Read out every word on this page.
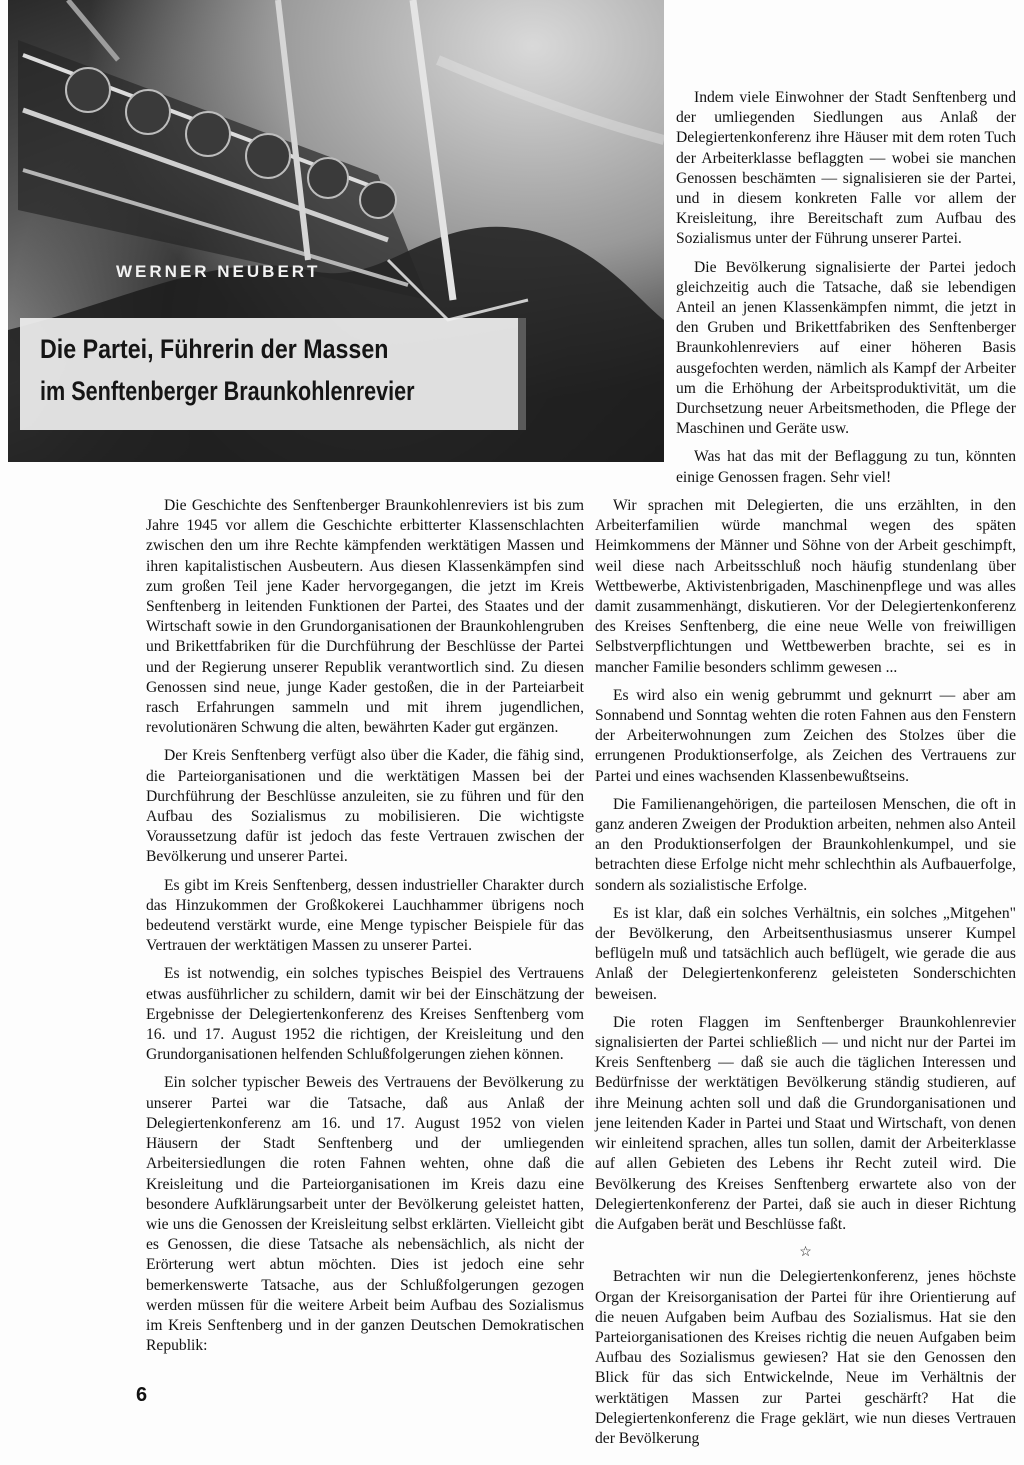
WERNER NEUBERT
Die Partei, Führerin der Massen
im Senftenberger Braunkohlenrevier

Indem viele Einwohner der Stadt Senftenberg und der umliegenden Siedlungen aus Anlaß der Delegiertenkonferenz ihre Häuser mit dem roten Tuch der Arbeiterklasse beflaggten — wobei sie manchen Genossen beschämten — signalisieren sie der Partei, und in diesem konkreten Falle vor allem der Kreisleitung, ihre Bereitschaft zum Aufbau des Sozialismus unter der Führung unserer Partei.

Die Bevölkerung signalisierte der Partei jedoch gleichzeitig auch die Tatsache, daß sie lebendigen Anteil an jenen Klassenkämpfen nimmt, die jetzt in den Gruben und Brikettfabriken des Senftenberger Braunkohlenreviers auf einer höheren Basis ausgefochten werden, nämlich als Kampf der Arbeiter um die Erhöhung der Arbeitsproduktivität, um die Durchsetzung neuer Arbeitsmethoden, die Pflege der Maschinen und Geräte usw.

Was hat das mit der Beflaggung zu tun, könnten einige Genossen fragen. Sehr viel!

Die Geschichte des Senftenberger Braunkohlenreviers ist bis zum Jahre 1945 vor allem die Geschichte erbitterter Klassenschlachten zwischen den um ihre Rechte kämpfenden werktätigen Massen und ihren kapitalistischen Ausbeutern. Aus diesen Klassenkämpfen sind zum großen Teil jene Kader hervorgegangen, die jetzt im Kreis Senftenberg in leitenden Funktionen der Partei, des Staates und der Wirtschaft sowie in den Grundorganisationen der Braunkohlengruben und Brikettfabriken für die Durchführung der Beschlüsse der Partei und der Regierung unserer Republik verantwortlich sind. Zu diesen Genossen sind neue, junge Kader gestoßen, die in der Parteiarbeit rasch Erfahrungen sammeln und mit ihrem jugendlichen, revolutionären Schwung die alten, bewährten Kader gut ergänzen.

Der Kreis Senftenberg verfügt also über die Kader, die fähig sind, die Parteiorganisationen und die werktätigen Massen bei der Durchführung der Beschlüsse anzuleiten, sie zu führen und für den Aufbau des Sozialismus zu mobilisieren. Die wichtigste Voraussetzung dafür ist jedoch das feste Vertrauen zwischen der Bevölkerung und unserer Partei.

Es gibt im Kreis Senftenberg, dessen industrieller Charakter durch das Hinzukommen der Großkokerei Lauchhammer übrigens noch bedeutend verstärkt wurde, eine Menge typischer Beispiele für das Vertrauen der werktätigen Massen zu unserer Partei.

Es ist notwendig, ein solches typisches Beispiel des Vertrauens etwas ausführlicher zu schildern, damit wir bei der Einschätzung der Ergebnisse der Delegiertenkonferenz des Kreises Senftenberg vom 16. und 17. August 1952 die richtigen, der Kreisleitung und den Grundorganisationen helfenden Schlußfolgerungen ziehen können.

Ein solcher typischer Beweis des Vertrauens der Bevölkerung zu unserer Partei war die Tatsache, daß aus Anlaß der Delegiertenkonferenz am 16. und 17. August 1952 von vielen Häusern der Stadt Senftenberg und der umliegenden Arbeitersiedlungen die roten Fahnen wehten, ohne daß die Kreisleitung und die Parteiorganisationen im Kreis dazu eine besondere Aufklärungsarbeit unter der Bevölkerung geleistet hatten, wie uns die Genossen der Kreisleitung selbst erklärten. Vielleicht gibt es Genossen, die diese Tatsache als nebensächlich, als nicht der Erörterung wert abtun möchten. Dies ist jedoch eine sehr bemerkenswerte Tatsache, aus der Schlußfolgerungen gezogen werden müssen für die weitere Arbeit beim Aufbau des Sozialismus im Kreis Senftenberg und in der ganzen Deutschen Demokratischen Republik:

Wir sprachen mit Delegierten, die uns erzählten, in den Arbeiterfamilien würde manchmal wegen des späten Heimkommens der Männer und Söhne von der Arbeit geschimpft, weil diese nach Arbeitsschluß noch häufig stundenlang über Wettbewerbe, Aktivistenbrigaden, Maschinenpflege und was alles damit zusammenhängt, diskutieren. Vor der Delegiertenkonferenz des Kreises Senftenberg, die eine neue Welle von freiwilligen Selbstverpflichtungen und Wettbewerben brachte, sei es in mancher Familie besonders schlimm gewesen ...

Es wird also ein wenig gebrummt und geknurrt — aber am Sonnabend und Sonntag wehten die roten Fahnen aus den Fenstern der Arbeiterwohnungen zum Zeichen des Stolzes über die errungenen Produktionserfolge, als Zeichen des Vertrauens zur Partei und eines wachsenden Klassenbewußtseins.

Die Familienangehörigen, die parteilosen Menschen, die oft in ganz anderen Zweigen der Produktion arbeiten, nehmen also Anteil an den Produktionserfolgen der Braunkohlenkumpel, und sie betrachten diese Erfolge nicht mehr schlechthin als Aufbauerfolge, sondern als sozialistische Erfolge.

Es ist klar, daß ein solches Verhältnis, ein solches „Mitgehen" der Bevölkerung, den Arbeitsenthusiasmus unserer Kumpel beflügeln muß und tatsächlich auch beflügelt, wie gerade die aus Anlaß der Delegiertenkonferenz geleisteten Sonderschichten beweisen.

Die roten Flaggen im Senftenberger Braunkohlenrevier signalisierten der Partei schließlich — und nicht nur der Partei im Kreis Senftenberg — daß sie auch die täglichen Interessen und Bedürfnisse der werktätigen Bevölkerung ständig studieren, auf ihre Meinung achten soll und daß die Grundorganisationen und jene leitenden Kader in Partei und Staat und Wirtschaft, von denen wir einleitend sprachen, alles tun sollen, damit der Arbeiterklasse auf allen Gebieten des Lebens ihr Recht zuteil wird. Die Bevölkerung des Kreises Senftenberg erwartete also von der Delegiertenkonferenz der Partei, daß sie auch in dieser Richtung die Aufgaben berät und Beschlüsse faßt.

☆

Betrachten wir nun die Delegiertenkonferenz, jenes höchste Organ der Kreisorganisation der Partei für ihre Orientierung auf die neuen Aufgaben beim Aufbau des Sozialismus. Hat sie den Parteiorganisationen des Kreises richtig die neuen Aufgaben beim Aufbau des Sozialismus gewiesen? Hat sie den Genossen den Blick für das sich Entwickelnde, Neue im Verhältnis der werktätigen Massen zur Partei geschärft? Hat die Delegiertenkonferenz die Frage geklärt, wie nun dieses Vertrauen der Bevölkerung

6
